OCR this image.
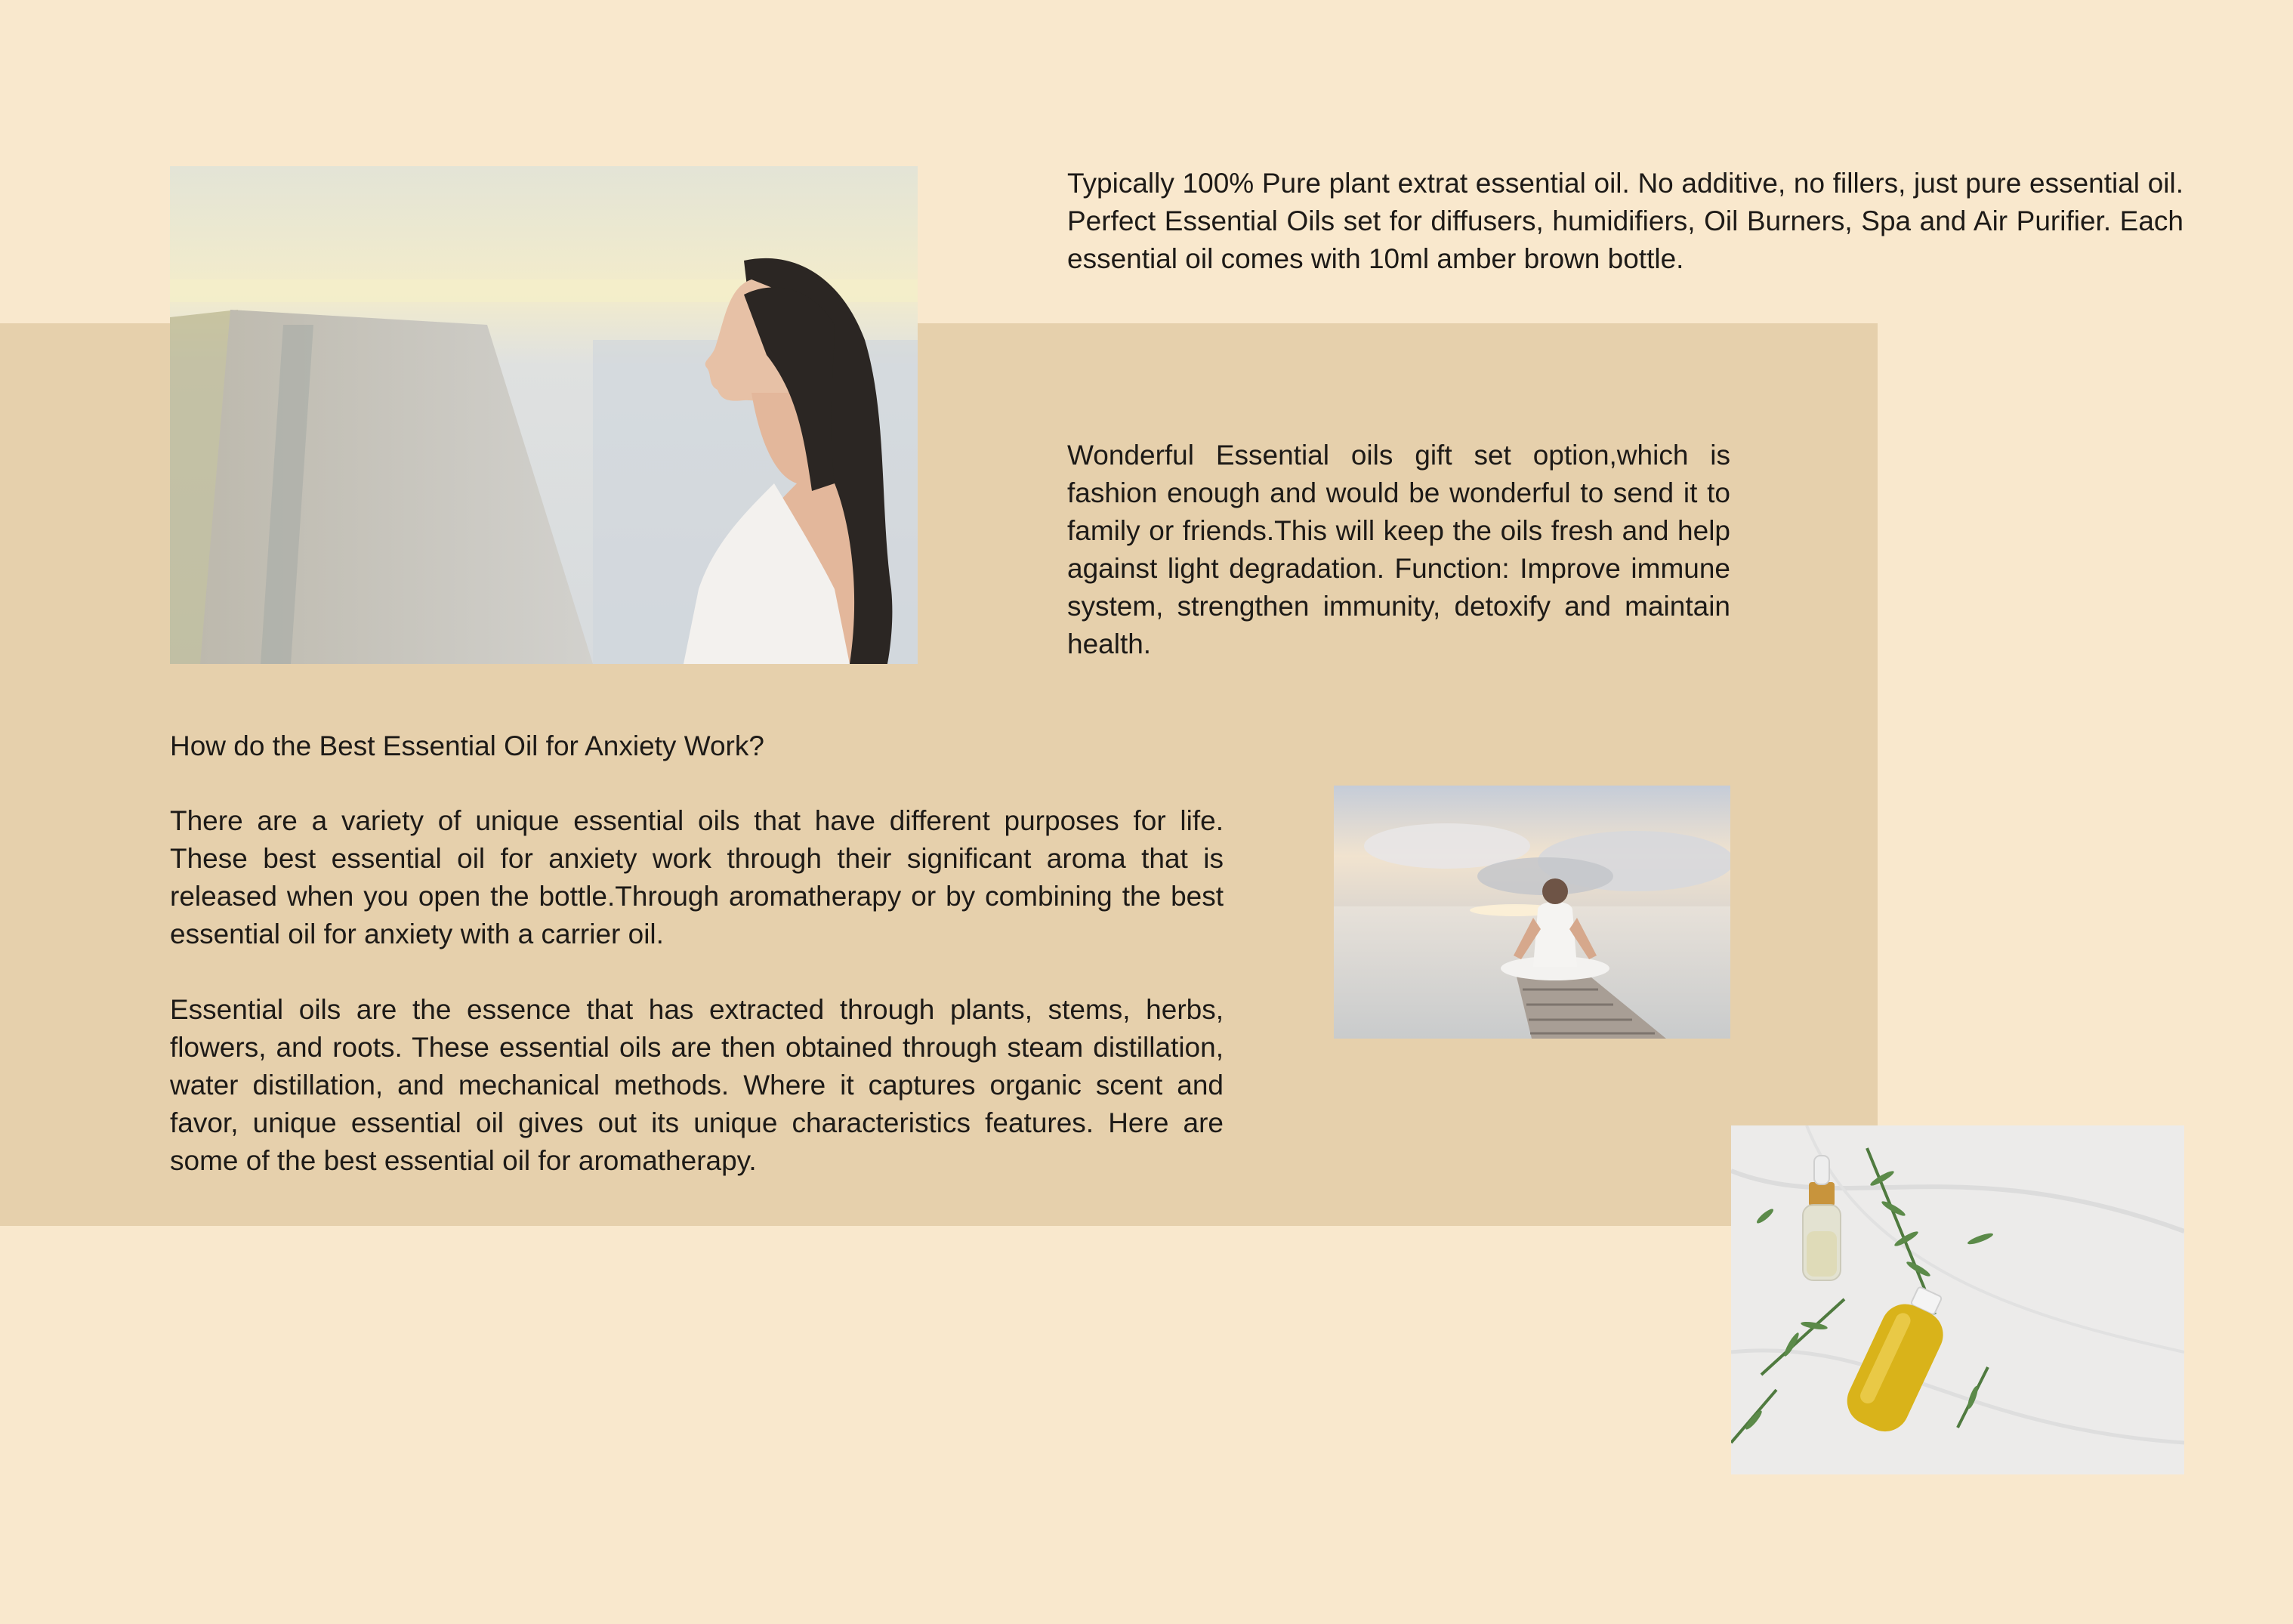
Typically 100% Pure plant extrat essential oil. No additive, no fillers, just pure essential oil. Perfect Essential Oils set for diffusers, humidifiers, Oil Burners, Spa and Air Purifier. Each essential oil comes with 10ml amber brown bottle.

Wonderful Essential oils gift set option,which is fashion enough and would be wonderful to send it to family or friends.This will keep the oils fresh and help against light degradation. Function: Improve immune system, strengthen immunity, detoxify and maintain health.

How do the Best Essential Oil for Anxiety Work?

There are a variety of unique essential oils that have different purposes for life. These best essential oil for anxiety work through their significant aroma that is released when you open the bottle.Through aromatherapy or by combining the best essential oil for anxiety with a carrier oil.

Essential oils are the essence that has extracted through plants, stems, herbs, flowers, and roots. These essential oils are then obtained through steam distillation, water distillation, and mechanical methods. Where it captures organic scent and favor, unique essential oil gives out its unique characteristics features. Here are some of the best essential oil for aromatherapy.
